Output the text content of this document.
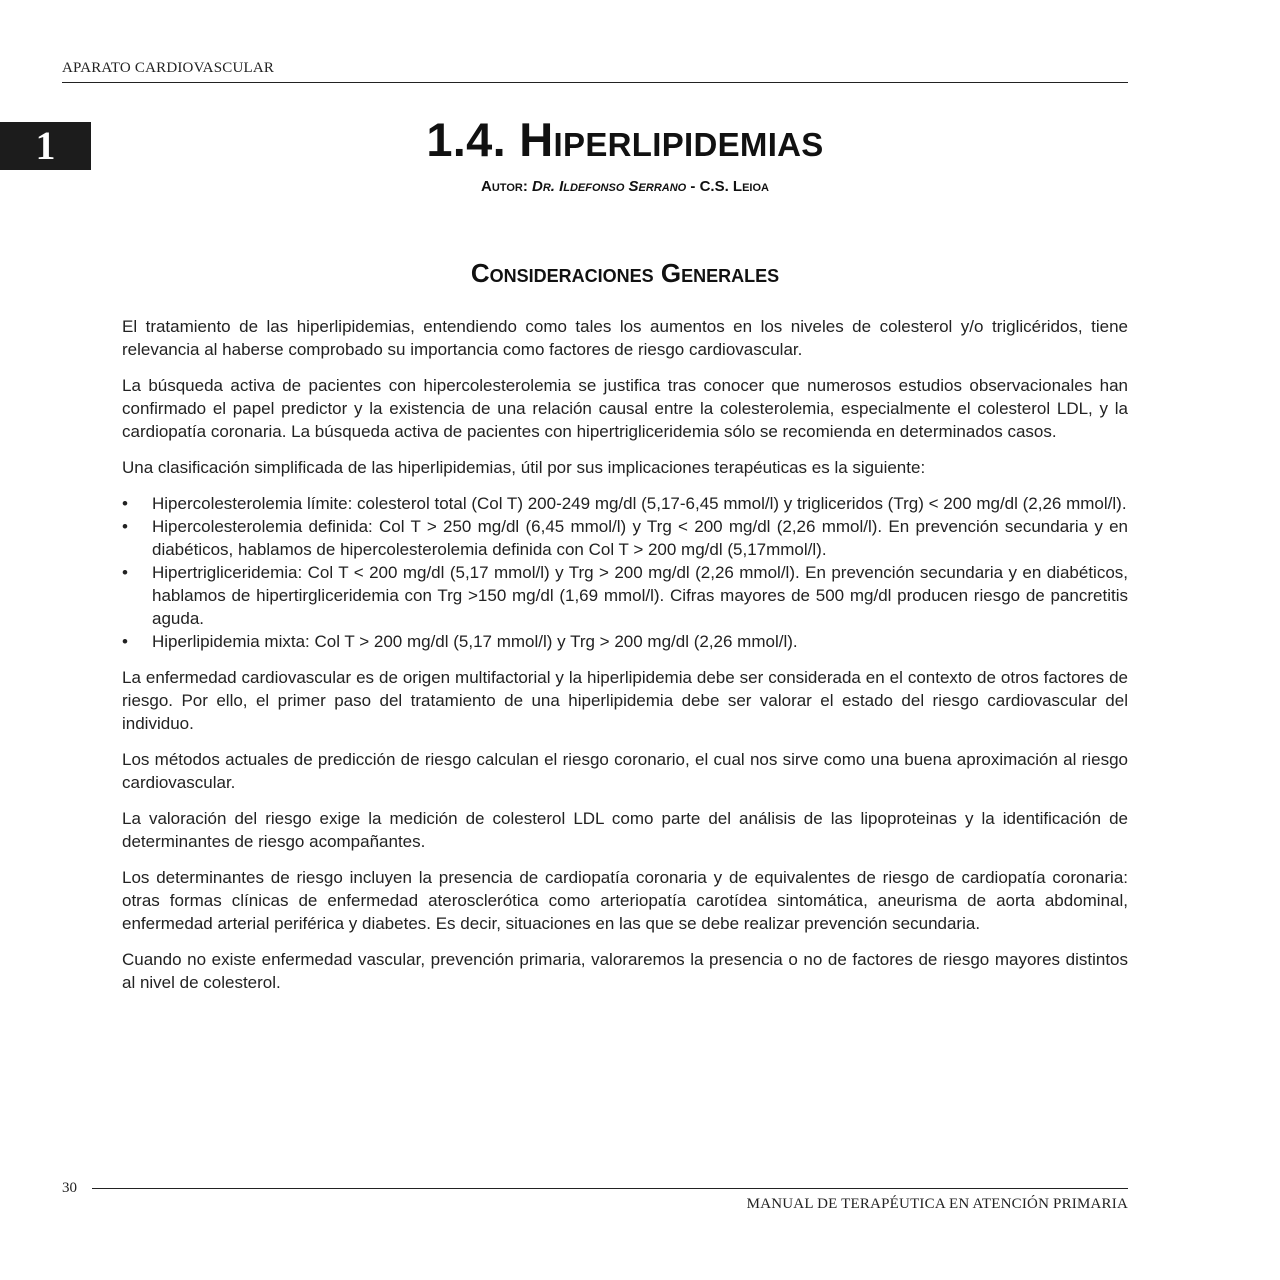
APARATO CARDIOVASCULAR
1	1.4. Hiperlipidemias
Autor: Dr. Ildefonso Serrano - C.S. Leioa
Consideraciones Generales

El tratamiento de las hiperlipidemias, entendiendo como tales los aumentos en los niveles de colesterol y/o triglicéridos, tiene relevancia al haberse comprobado su importancia como factores de riesgo cardiovascular.

La búsqueda activa de pacientes con hipercolesterolemia se justifica tras conocer que numerosos estudios observacionales han confirmado el papel predictor y la existencia de una relación causal entre la colesterolemia, especialmente el colesterol LDL, y la cardiopatía coronaria. La búsqueda activa de pacientes con hipertrigliceridemia sólo se recomienda en determinados casos.

Una clasificación simplificada de las hiperlipidemias, útil por sus implicaciones terapéuticas es la siguiente:

• Hipercolesterolemia límite: colesterol total (Col T) 200-249 mg/dl (5,17-6,45 mmol/l) y trigliceridos (Trg) < 200 mg/dl (2,26 mmol/l).
• Hipercolesterolemia definida: Col T > 250 mg/dl (6,45 mmol/l) y Trg < 200 mg/dl (2,26 mmol/l). En prevención secundaria y en diabéticos, hablamos de hipercolesterolemia definida con Col T > 200 mg/dl (5,17mmol/l).
• Hipertrigliceridemia: Col T < 200 mg/dl (5,17 mmol/l) y Trg > 200 mg/dl (2,26 mmol/l). En prevención secundaria y en diabéticos, hablamos de hipertirgliceridemia con Trg >150 mg/dl (1,69 mmol/l). Cifras mayores de 500 mg/dl producen riesgo de pancretitis aguda.
• Hiperlipidemia mixta: Col T > 200 mg/dl (5,17 mmol/l) y Trg > 200 mg/dl (2,26 mmol/l).

La enfermedad cardiovascular es de origen multifactorial y la hiperlipidemia debe ser considerada en el contexto de otros factores de riesgo. Por ello, el primer paso del tratamiento de una hiperlipidemia debe ser valorar el estado del riesgo cardiovascular del individuo.

Los métodos actuales de predicción de riesgo calculan el riesgo coronario, el cual nos sirve como una buena aproximación al riesgo cardiovascular.

La valoración del riesgo exige la medición de colesterol LDL como parte del análisis de las lipoproteinas y la identificación de determinantes de riesgo acompañantes.

Los determinantes de riesgo incluyen la presencia de cardiopatía coronaria y de equivalentes de riesgo de cardiopatía coronaria: otras formas clínicas de enfermedad aterosclerótica como arteriopatía carotídea sintomática, aneurisma de aorta abdominal, enfermedad arterial periférica y diabetes. Es decir, situaciones en las que se debe realizar prevención secundaria.

Cuando no existe enfermedad vascular, prevención primaria, valoraremos la presencia o no de factores de riesgo mayores distintos al nivel de colesterol.

30
MANUAL DE TERAPÉUTICA EN ATENCIÓN PRIMARIA
